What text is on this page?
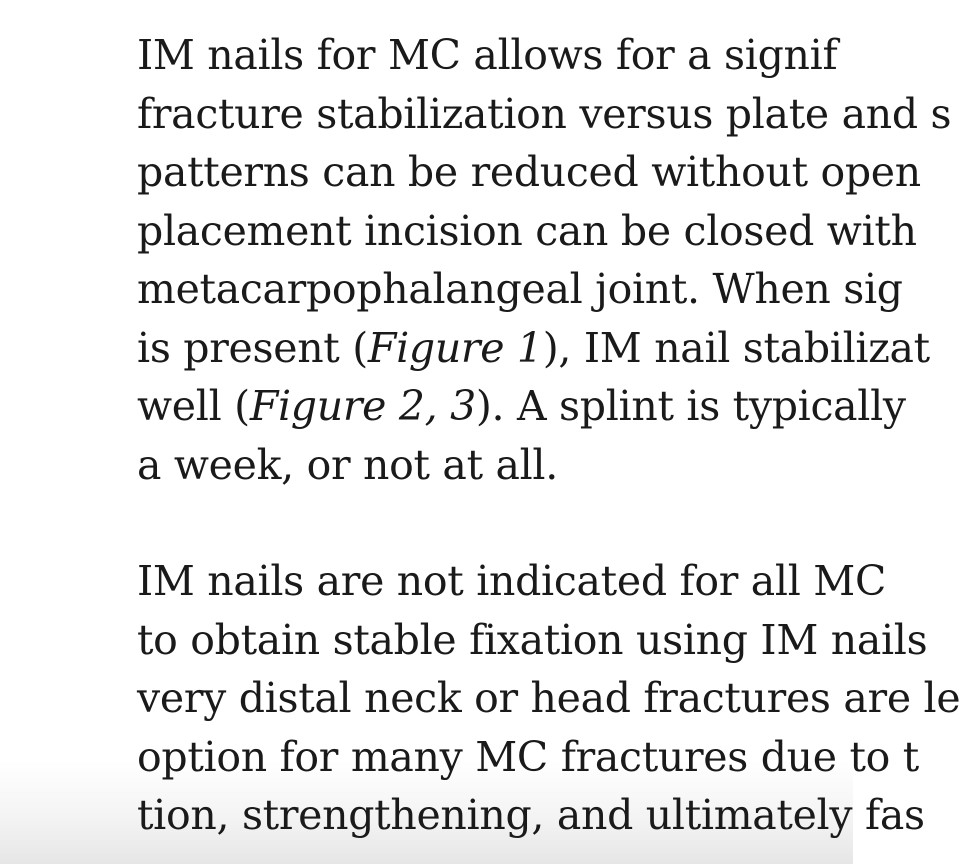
IM nails for MC allows for a signif
fracture stabilization versus plate and s
patterns can be reduced without open
placement incision can be closed with
metacarpophalangeal joint. When sig
is present (Figure 1), IM nail stabilizat
well (Figure 2, 3). A splint is typically
a week, or not at all.

IM nails are not indicated for all MC
to obtain stable fixation using IM nails
very distal neck or head fractures are le
option for many MC fractures due to t
tion, strengthening, and ultimately fas
